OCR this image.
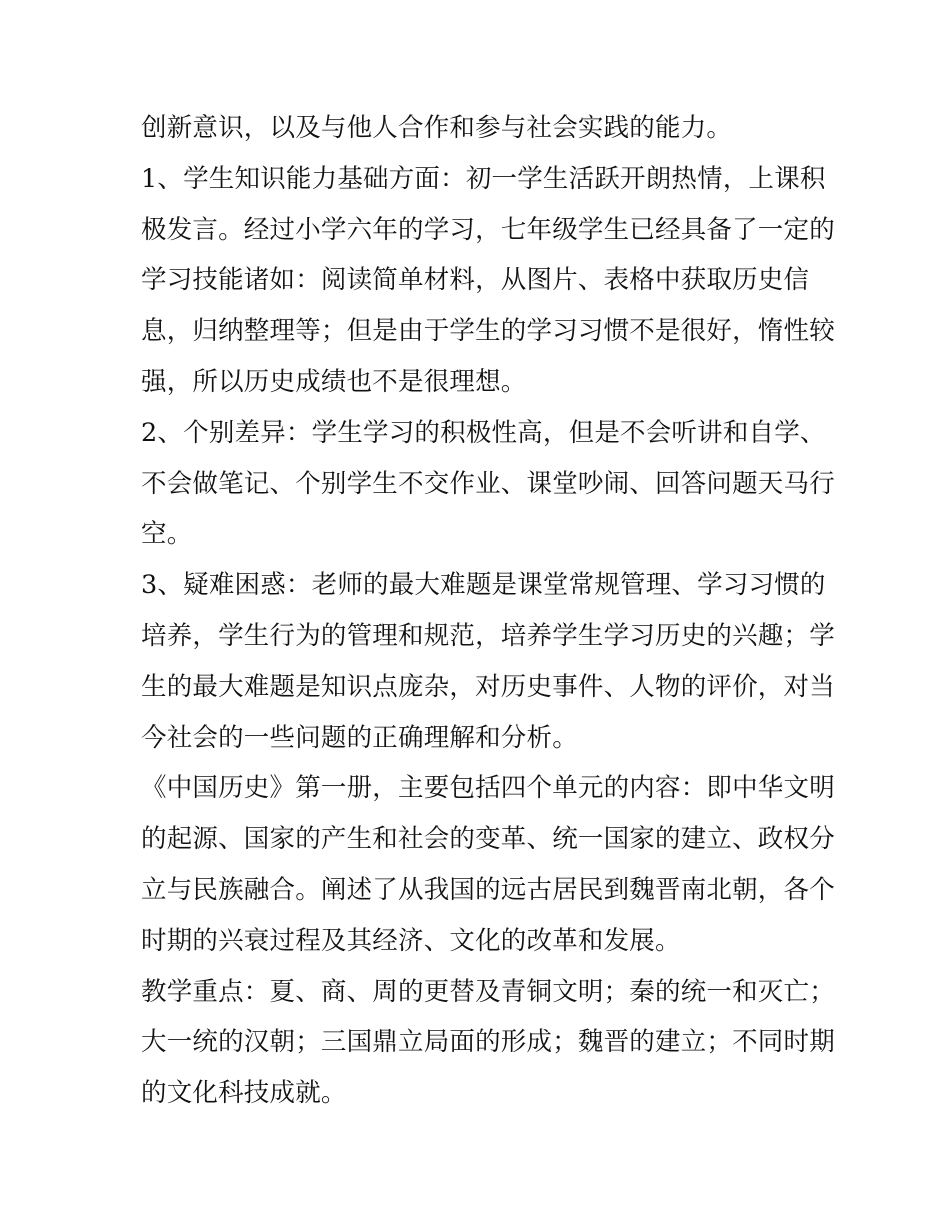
创新意识，以及与他人合作和参与社会实践的能力。
1、学生知识能力基础方面：初一学生活跃开朗热情，上课积
极发言。经过小学六年的学习，七年级学生已经具备了一定的
学习技能诸如：阅读简单材料，从图片、表格中获取历史信
息，归纳整理等；但是由于学生的学习习惯不是很好，惰性较
强，所以历史成绩也不是很理想。
2、个别差异：学生学习的积极性高，但是不会听讲和自学、
不会做笔记、个别学生不交作业、课堂吵闹、回答问题天马行
空。
3、疑难困惑：老师的最大难题是课堂常规管理、学习习惯的
培养，学生行为的管理和规范，培养学生学习历史的兴趣；学
生的最大难题是知识点庞杂，对历史事件、人物的评价，对当
今社会的一些问题的正确理解和分析。
《中国历史》第一册，主要包括四个单元的内容：即中华文明
的起源、国家的产生和社会的变革、统一国家的建立、政权分
立与民族融合。阐述了从我国的远古居民到魏晋南北朝，各个
时期的兴衰过程及其经济、文化的改革和发展。
教学重点：夏、商、周的更替及青铜文明；秦的统一和灭亡；
大一统的汉朝；三国鼎立局面的形成；魏晋的建立；不同时期
的文化科技成就。
